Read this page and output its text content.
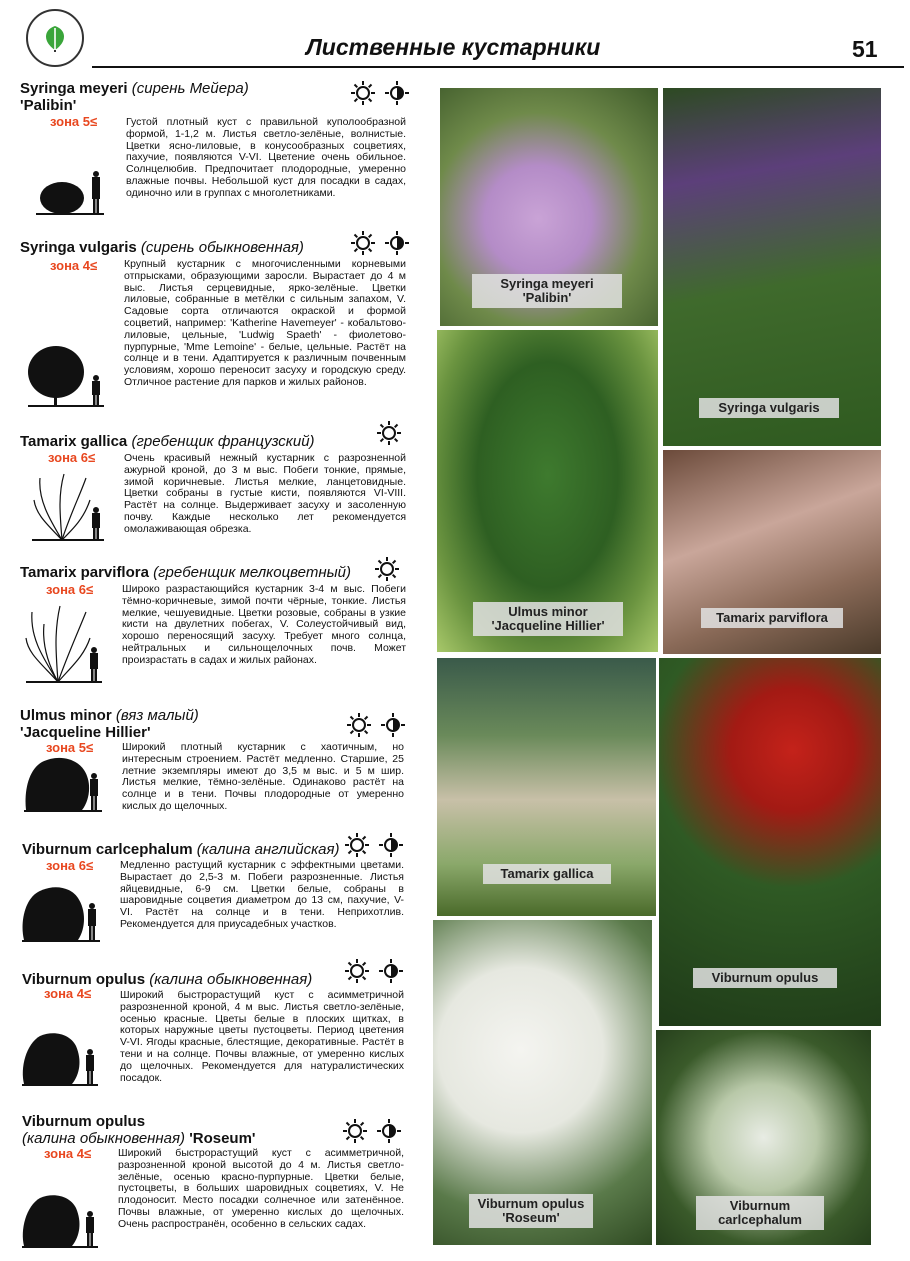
Лиственные кустарники	51
Syringa meyeri (сирень Мейера)
'Palibin'
зона 5≤	Густой плотный куст с правильной куполообразной формой, 1-1,2 м. Листья светло-зелёные, волнистые. Цветки ясно-лиловые, в конусообразных соцветиях, пахучие, появляются V-VI. Цветение очень обильное. Солнцелюбив. Предпочитает плодородные, умеренно влажные почвы. Небольшой куст для посадки в садах, одиночно или в группах с многолетниками.
Syringa vulgaris (сирень обыкновенная)
зона 4≤	Крупный кустарник с многочисленными корневыми отпрысками, образующими заросли. Вырастает до 4 м выс. Листья серцевидные, ярко-зелёные. Цветки лиловые, собранные в метёлки с сильным запахом, V. Садовые сорта отличаются окраской и формой соцветий, например: 'Katherine Havemeyer' - кобальтово-лиловые, цельные, 'Ludwig Spaeth' - фиолетово-пурпурные, 'Mme Lemoine' - белые, цельные. Растёт на солнце и в тени. Адаптируется к различным почвенным условиям, хорошо переносит засуху и городскую среду. Отличное растение для парков и жилых районов.
Tamarix gallica (гребенщик французский)
зона 6≤	Очень красивый нежный кустарник с разрозненной ажурной кроной, до 3 м выс. Побеги тонкие, прямые, зимой коричневые. Листья мелкие, ланцетовидные. Цветки собраны в густые кисти, появляются VI-VIII. Растёт на солнце. Выдерживает засуху и засоленную почву. Каждые несколько лет рекомендуется омолаживающая обрезка.
Tamarix parviflora (гребенщик мелкоцветный)
зона 6≤	Широко разрастающийся кустарник 3-4 м выс. Побеги тёмно-коричневые, зимой почти чёрные, тонкие. Листья мелкие, чешуевидные. Цветки розовые, собраны в узкие кисти на двулетних побегах, V. Солеустойчивый вид, хорошо переносящий засуху. Требует много солнца, нейтральных и сильнощелочных почв. Может произрастать в садах и жилых районах.
Ulmus minor (вяз малый)
'Jacqueline Hillier'
зона 5≤	Широкий плотный кустарник с хаотичным, но интересным строением. Растёт медленно. Старшие, 25 летние экземпляры имеют до 3,5 м выс. и 5 м шир. Листья мелкие, тёмно-зелёные. Одинаково растёт на солнце и в тени. Почвы плодородные от умеренно кислых до щелочных.
Viburnum carlcephalum (калина английская)
зона 6≤	Медленно растущий кустарник с эффектными цветами. Вырастает до 2,5-3 м. Побеги разрозненные. Листья яйцевидные, 6-9 см. Цветки белые, собраны в шаровидные соцветия диаметром до 13 см, пахучие, V-VI. Растёт на солнце и в тени. Неприхотлив. Рекомендуется для приусадебных участков.
Viburnum opulus (калина обыкновенная)
зона 4≤	Широкий быстрорастущий куст с асимметричной разрозненной кроной, 4 м выс. Листья светло-зелёные, осенью красные. Цветы белые в плоских щитках, в которых наружные цветы пустоцветы. Период цветения V-VI. Ягоды красные, блестящие, декоративные. Растёт в тени и на солнце. Почвы влажные, от умеренно кислых до щелочных. Рекомендуется для натуралистических посадок.
Viburnum opulus
(калина обыкновенная) 'Roseum'
зона 4≤	Широкий быстрорастущий куст с асимметричной, разрозненной кроной высотой до 4 м. Листья светло-зелёные, осенью красно-пурпурные. Цветки белые, пустоцветы, в больших шаровидных соцветиях, V. Не плодоносит. Место посадки солнечное или затенённое. Почвы влажные, от умеренно кислых до щелочных. Очень распространён, особенно в сельских садах.
Syringa meyeri
'Palibin'
Syringa vulgaris
Ulmus minor
'Jacqueline Hillier'
Tamarix parviflora
Tamarix gallica
Viburnum opulus
Viburnum opulus
'Roseum'
Viburnum
carlcephalum
